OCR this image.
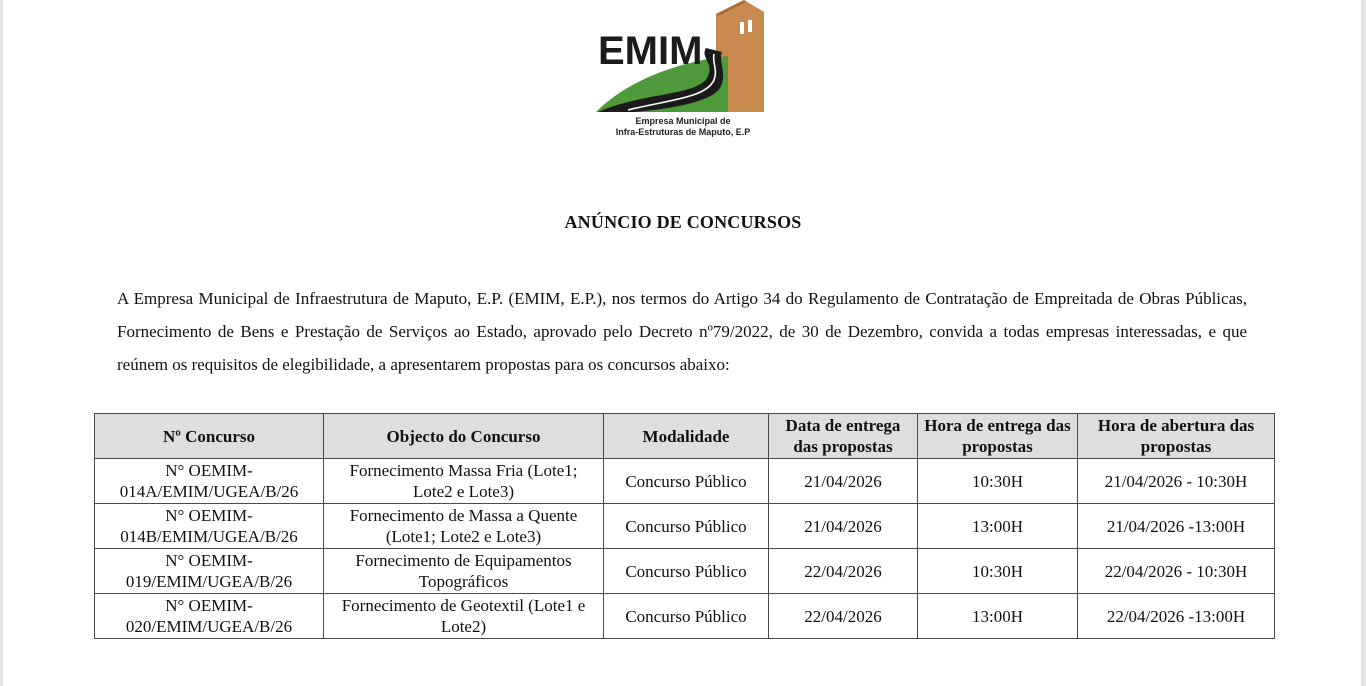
EMIM
Empresa Municipal de
Infra-Estruturas de Maputo, E.P
ANÚNCIO DE CONCURSOS
A Empresa Municipal de Infraestrutura de Maputo, E.P. (EMIM, E.P.), nos termos do Artigo 34 do Regulamento de Contratação de Empreitada de Obras Públicas, Fornecimento de Bens e Prestação de Serviços ao Estado, aprovado pelo Decreto nº79/2022, de 30 de Dezembro, convida a todas empresas interessadas, e que reúnem os requisitos de elegibilidade, a apresentarem propostas para os concursos abaixo:
Nº Concurso	Objecto do Concurso	Modalidade	Data de entrega das propostas	Hora de entrega das propostas	Hora de abertura das propostas
N° OEMIM-014A/EMIM/UGEA/B/26	Fornecimento Massa Fria (Lote1; Lote2 e Lote3)	Concurso Público	21/04/2026	10:30H	21/04/2026 - 10:30H
N° OEMIM-014B/EMIM/UGEA/B/26	Fornecimento de Massa a Quente (Lote1; Lote2 e Lote3)	Concurso Público	21/04/2026	13:00H	21/04/2026 -13:00H
N° OEMIM-019/EMIM/UGEA/B/26	Fornecimento de Equipamentos Topográficos	Concurso Público	22/04/2026	10:30H	22/04/2026 - 10:30H
N° OEMIM-020/EMIM/UGEA/B/26	Fornecimento de Geotextil (Lote1 e Lote2)	Concurso Público	22/04/2026	13:00H	22/04/2026 -13:00H
